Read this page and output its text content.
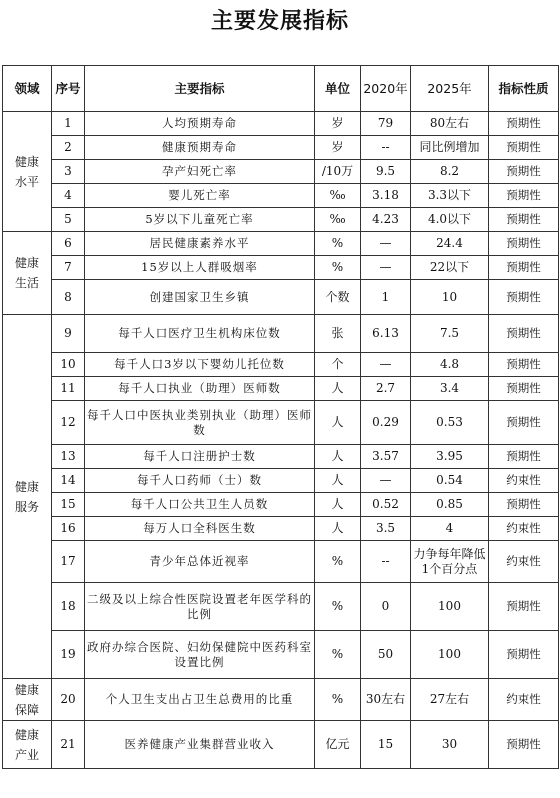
主要发展指标
领域	序号	主要指标	单位	2020年	2025年	指标性质
健康
水平	1	人均预期寿命	岁	79	80左右	预期性
	2	健康预期寿命	岁	--	同比例增加	预期性
	3	孕产妇死亡率	/10万	9.5	8.2	预期性
	4	婴儿死亡率	‰	3.18	3.3以下	预期性
	5	5岁以下儿童死亡率	‰	4.23	4.0以下	预期性
健康
生活	6	居民健康素养水平	%	—	24.4	预期性
	7	15岁以上人群吸烟率	%	—	22以下	预期性
	8	创建国家卫生乡镇	个数	1	10	预期性
健康
服务	9	每千人口医疗卫生机构床位数	张	6.13	7.5	预期性
	10	每千人口3岁以下婴幼儿托位数	个	—	4.8	预期性
	11	每千人口执业（助理）医师数	人	2.7	3.4	预期性
	12	每千人口中医执业类别执业（助理）医师数	人	0.29	0.53	预期性
	13	每千人口注册护士数	人	3.57	3.95	预期性
	14	每千人口药师（士）数	人	—	0.54	约束性
	15	每千人口公共卫生人员数	人	0.52	0.85	预期性
	16	每万人口全科医生数	人	3.5	4	约束性
	17	青少年总体近视率	%	--	力争每年降低1个百分点	约束性
	18	二级及以上综合性医院设置老年医学科的比例	%	0	100	预期性
	19	政府办综合医院、妇幼保健院中医药科室设置比例	%	50	100	预期性
健康
保障	20	个人卫生支出占卫生总费用的比重	%	30左右	27左右	约束性
健康
产业	21	医养健康产业集群营业收入	亿元	15	30	预期性
